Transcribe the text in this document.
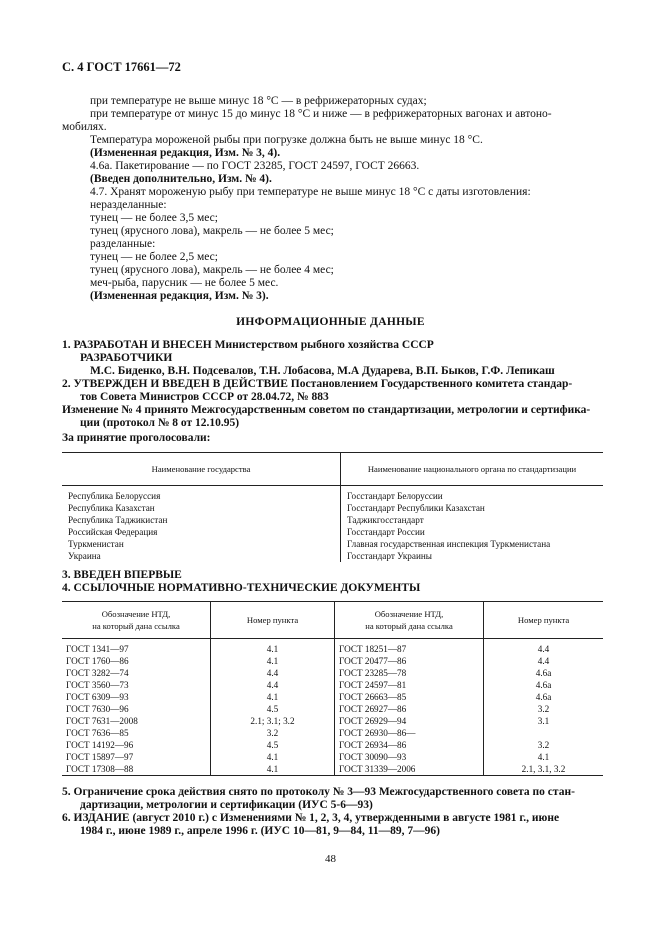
С. 4 ГОСТ 17661—72
при температуре не выше минус 18 °С — в рефрижераторных судах;
при температуре от минус 15 до минус 18 °С и ниже — в рефрижераторных вагонах и автоно-
мобилях.
Температура мороженой рыбы при погрузке должна быть не выше минус 18 °С.
(Измененная редакция, Изм. № 3, 4).
4.6а. Пакетирование — по ГОСТ 23285, ГОСТ 24597, ГОСТ 26663.
(Введен дополнительно, Изм. № 4).
4.7. Хранят мороженую рыбу при температуре не выше минус 18 °С с даты изготовления:
неразделанные:
тунец — не более 3,5 мес;
тунец (ярусного лова), макрель — не более 5 мес;
разделанные:
тунец — не более 2,5 мес;
тунец (ярусного лова), макрель — не более 4 мес;
меч-рыба, парусник — не более 5 мес.
(Измененная редакция, Изм. № 3).
ИНФОРМАЦИОННЫЕ ДАННЫЕ
1. РАЗРАБОТАН И ВНЕСЕН Министерством рыбного хозяйства СССР
РАЗРАБОТЧИКИ
М.С. Биденко, В.Н. Подсевалов, Т.Н. Лобасова, М.А Дударева, В.П. Быков, Г.Ф. Лепикаш
2. УТВЕРЖДЕН И ВВЕДЕН В ДЕЙСТВИЕ Постановлением Государственного комитета стандар-
тов Совета Министров СССР от 28.04.72, № 883
Изменение № 4 принято Межгосударственным советом по стандартизации, метрологии и сертифика-
ции (протокол № 8 от 12.10.95)
За принятие проголосовали:
Наименование государства	Наименование национального органа по стандартизации
Республика Белоруссия	Госстандарт Белоруссии
Республика Казахстан	Госстандарт Республики Казахстан
Республика Таджикистан	Таджикгосстандарт
Российская Федерация	Госстандарт России
Туркменистан	Главная государственная инспекция Туркменистана
Украина	Госстандарт Украины
3. ВВЕДЕН ВПЕРВЫЕ
4. ССЫЛОЧНЫЕ НОРМАТИВНО-ТЕХНИЧЕСКИЕ ДОКУМЕНТЫ
Обозначение НТД,
на который дана ссылка	Номер пункта	Обозначение НТД,
на который дана ссылка	Номер пункта
ГОСТ 1341—97	4.1	ГОСТ 18251—87	4.4
ГОСТ 1760—86	4.1	ГОСТ 20477—86	4.4
ГОСТ 3282—74	4.4	ГОСТ 23285—78	4.6а
ГОСТ 3560—73	4.4	ГОСТ 24597—81	4.6а
ГОСТ 6309—93	4.1	ГОСТ 26663—85	4.6а
ГОСТ 7630—96	4.5	ГОСТ 26927—86	3.2
ГОСТ 7631—2008	2.1; 3.1; 3.2	ГОСТ 26929—94	3.1
ГОСТ 7636—85	3.2	ГОСТ 26930—86—	
ГОСТ 14192—96	4.5	ГОСТ 26934—86	3.2
ГОСТ 15897—97	4.1	ГОСТ 30090—93	4.1
ГОСТ 17308—88	4.1	ГОСТ 31339—2006	2.1, 3.1, 3.2
5. Ограничение срока действия снято по протоколу № 3—93 Межгосударственного совета по стан-
дартизации, метрологии и сертификации (ИУС 5-6—93)
6. ИЗДАНИЕ (август 2010 г.) с Изменениями № 1, 2, 3, 4, утвержденными в августе 1981 г., июне
1984 г., июне 1989 г., апреле 1996 г. (ИУС 10—81, 9—84, 11—89, 7—96)
48
